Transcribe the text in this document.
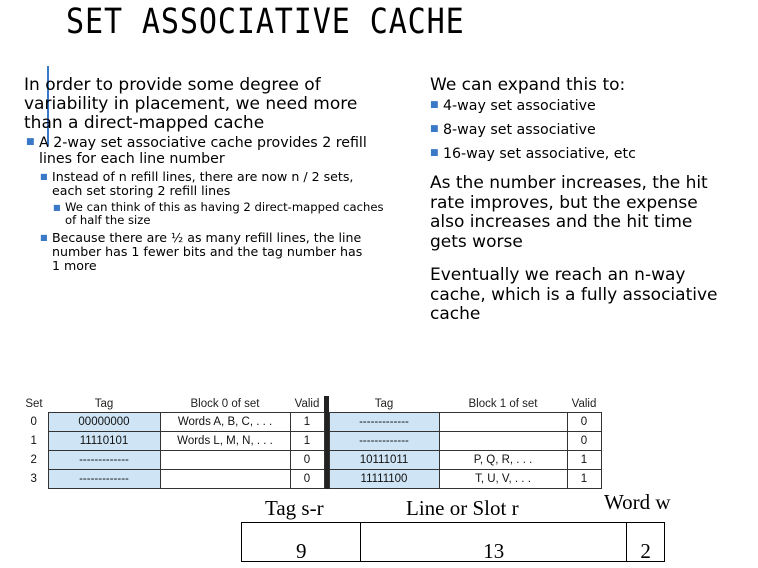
SET ASSOCIATIVE CACHE
In order to provide some degree of
variability in placement, we need more
than a direct-mapped cache
■ A 2-way set associative cache provides 2 refill
lines for each line number
■ Instead of n refill lines, there are now n / 2 sets,
each set storing 2 refill lines
■ We can think of this as having 2 direct-mapped caches
of half the size
■ Because there are ½ as many refill lines, the line
number has 1 fewer bits and the tag number has
1 more
We can expand this to:
■ 4-way set associative
■ 8-way set associative
■ 16-way set associative, etc
As the number increases, the hit
rate improves, but the expense
also increases and the hit time
gets worse
Eventually we reach an n-way
cache, which is a fully associative
cache
Set	Tag	Block 0 of set	Valid		Tag	Block 1 of set	Valid
0	00000000	Words A, B, C, . . .	1		-------------		0
1	11110101	Words L, M, N, . . .	1		-------------		0
2	-------------		0		10111011	P, Q, R, . . .	1
3	-------------		0		11111100	T, U, V, . . .	1
Tag s-r	Line or Slot r	Word w
9	13	2
